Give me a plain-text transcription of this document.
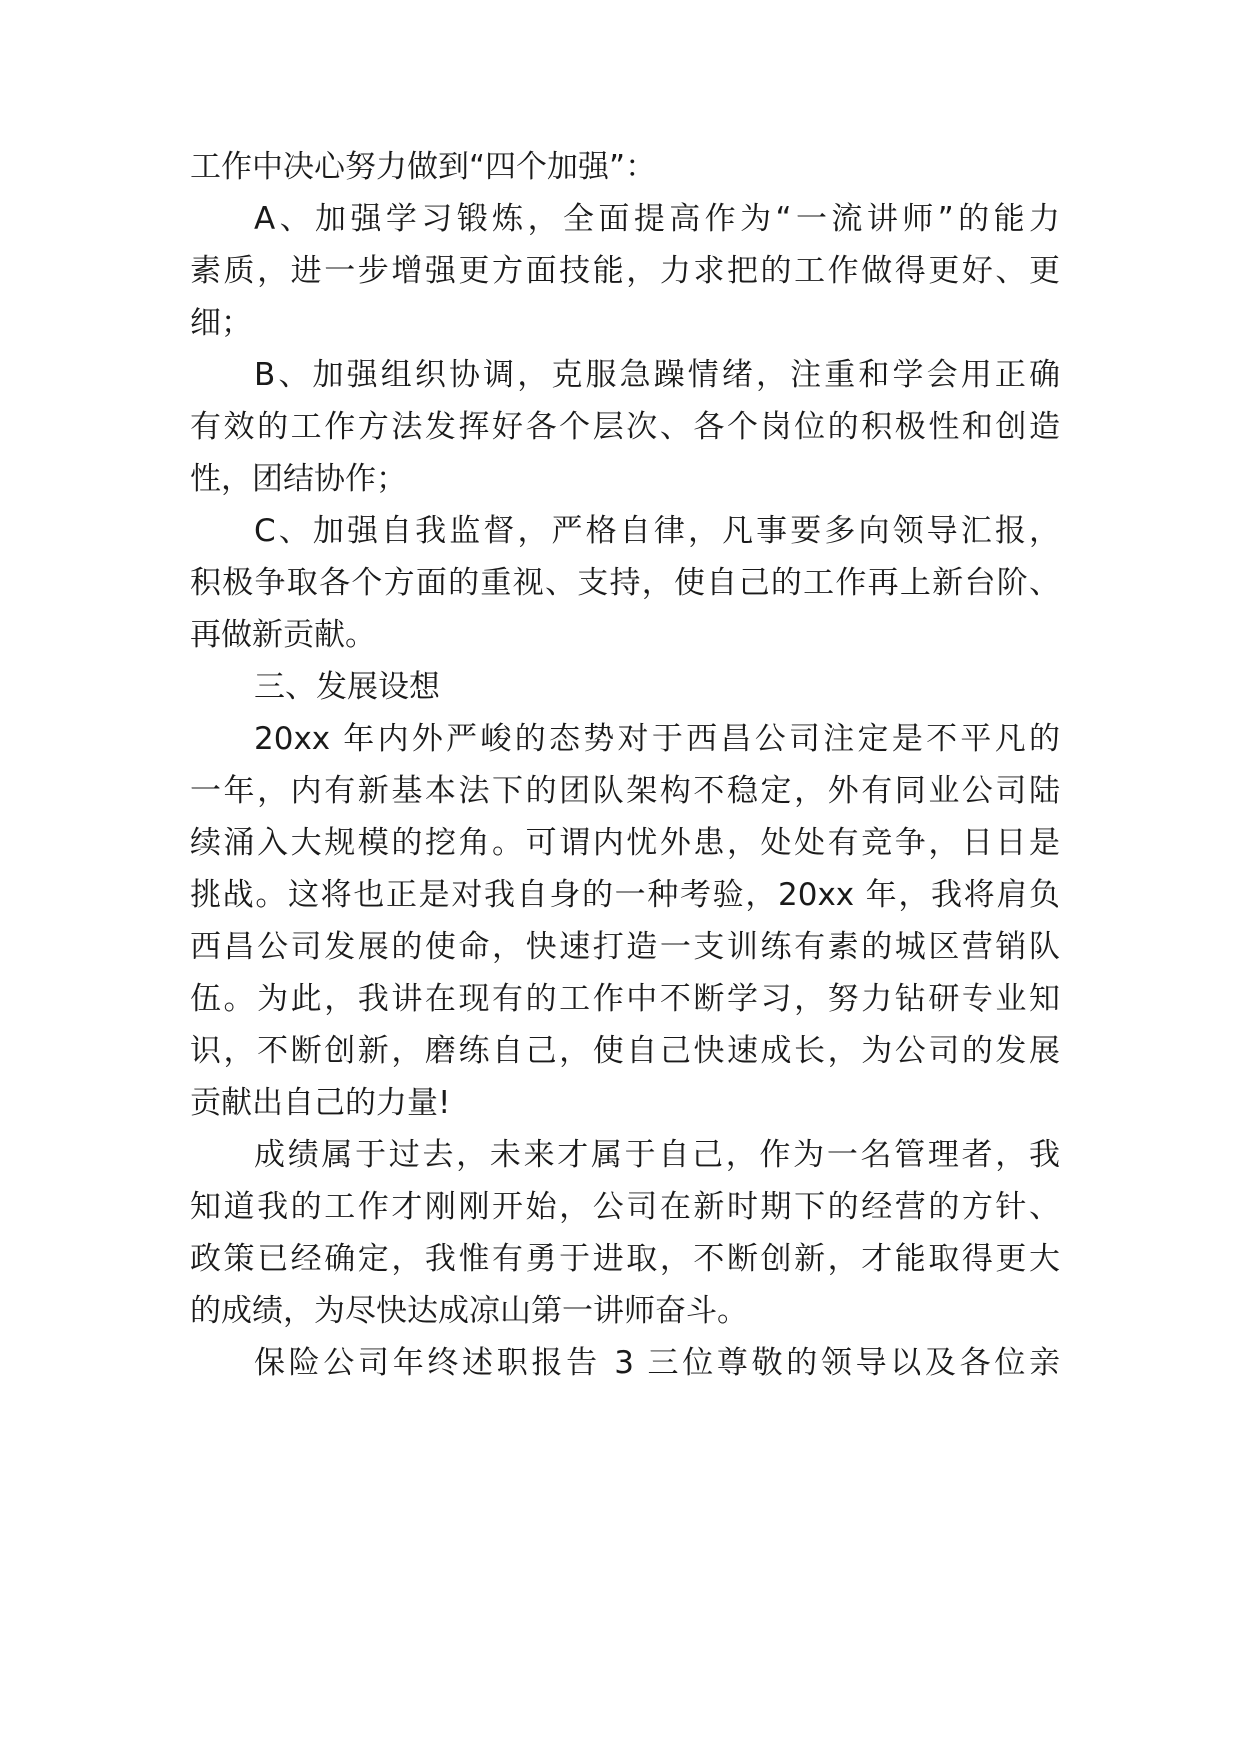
工作中决心努力做到“四个加强”：
A、加强学习锻炼，全面提高作为“一流讲师”的能力
素质，进一步增强更方面技能，力求把的工作做得更好、更
细；
B、加强组织协调，克服急躁情绪，注重和学会用正确
有效的工作方法发挥好各个层次、各个岗位的积极性和创造
性，团结协作；
C、加强自我监督，严格自律，凡事要多向领导汇报，
积极争取各个方面的重视、支持，使自己的工作再上新台阶、
再做新贡献。
三、发展设想
20xx 年内外严峻的态势对于西昌公司注定是不平凡的
一年，内有新基本法下的团队架构不稳定，外有同业公司陆
续涌入大规模的挖角。可谓内忧外患，处处有竞争，日日是
挑战。这将也正是对我自身的一种考验，20xx 年，我将肩负
西昌公司发展的使命，快速打造一支训练有素的城区营销队
伍。为此，我讲在现有的工作中不断学习，努力钻研专业知
识，不断创新，磨练自己，使自己快速成长，为公司的发展
贡献出自己的力量!
成绩属于过去，未来才属于自己，作为一名管理者，我
知道我的工作才刚刚开始，公司在新时期下的经营的方针、
政策已经确定，我惟有勇于进取，不断创新，才能取得更大
的成绩，为尽快达成凉山第一讲师奋斗。
保险公司年终述职报告 3 三位尊敬的领导以及各位亲
